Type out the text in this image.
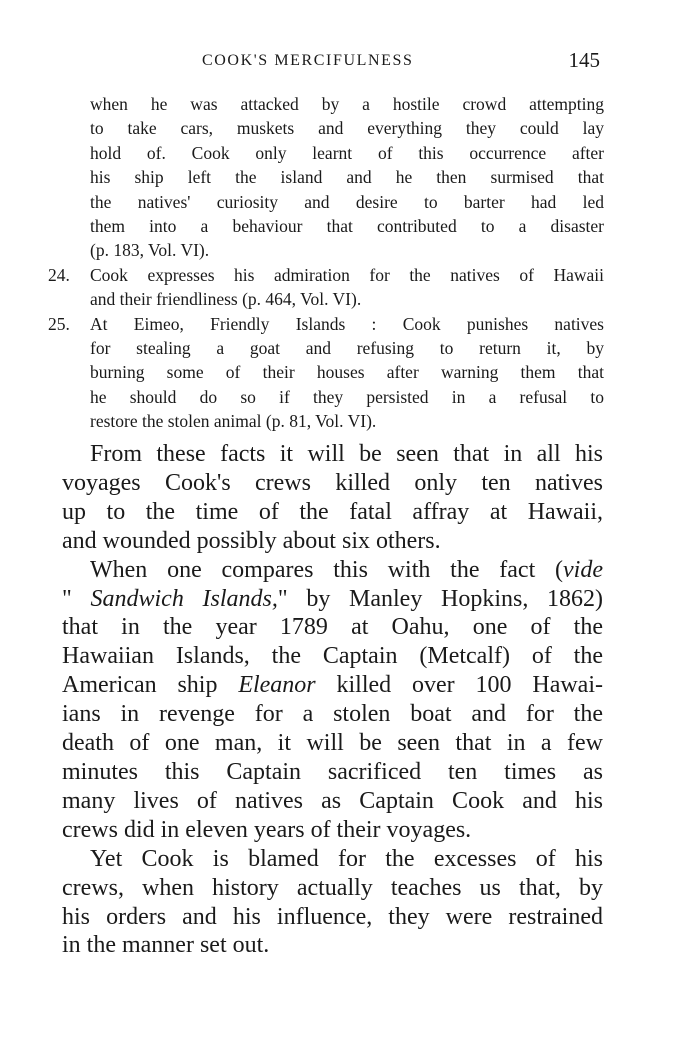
COOK'S MERCIFULNESS	145
when he was attacked by a hostile crowd attempting
to take cars, muskets and everything they could lay
hold of. Cook only learnt of this occurrence after
his ship left the island and he then surmised that
the natives' curiosity and desire to barter had led
them into a behaviour that contributed to a disaster
(p. 183, Vol. VI).
24.	Cook expresses his admiration for the natives of Hawaii
and their friendliness (p. 464, Vol. VI).
25.	At Eimeo, Friendly Islands : Cook punishes natives
for stealing a goat and refusing to return it, by
burning some of their houses after warning them that
he should do so if they persisted in a refusal to
restore the stolen animal (p. 81, Vol. VI).
From these facts it will be seen that in all his
voyages Cook's crews killed only ten natives
up to the time of the fatal affray at Hawaii,
and wounded possibly about six others.
When one compares this with the fact (vide
" Sandwich Islands," by Manley Hopkins, 1862)
that in the year 1789 at Oahu, one of the
Hawaiian Islands, the Captain (Metcalf) of the
American ship Eleanor killed over 100 Hawai-
ians in revenge for a stolen boat and for the
death of one man, it will be seen that in a few
minutes this Captain sacrificed ten times as
many lives of natives as Captain Cook and his
crews did in eleven years of their voyages.
Yet Cook is blamed for the excesses of his
crews, when history actually teaches us that, by
his orders and his influence, they were restrained
in the manner set out.
